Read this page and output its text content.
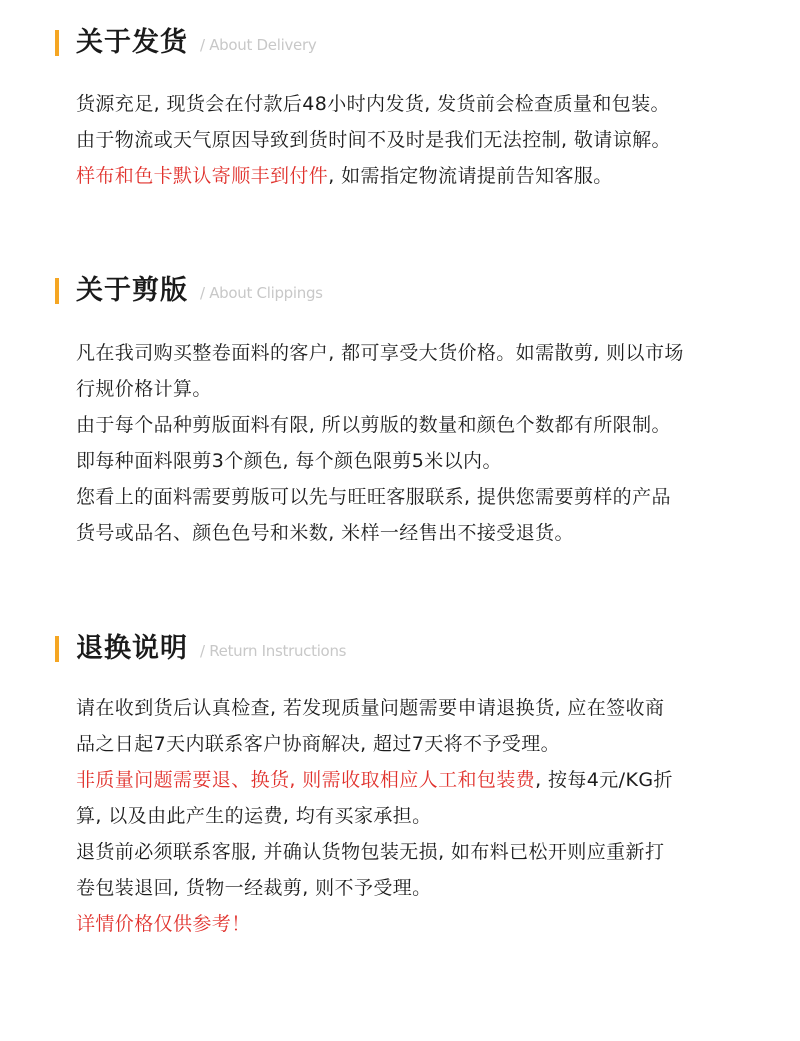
关于发货 / About Delivery
货源充足, 现货会在付款后48小时内发货, 发货前会检查质量和包装。
由于物流或天气原因导致到货时间不及时是我们无法控制, 敬请谅解。
样布和色卡默认寄顺丰到付件, 如需指定物流请提前告知客服。
关于剪版 / About Clippings
凡在我司购买整卷面料的客户, 都可享受大货价格。如需散剪, 则以市场
行规价格计算。
由于每个品种剪版面料有限, 所以剪版的数量和颜色个数都有所限制。
即每种面料限剪3个颜色, 每个颜色限剪5米以内。
您看上的面料需要剪版可以先与旺旺客服联系, 提供您需要剪样的产品
货号或品名、颜色色号和米数, 米样一经售出不接受退货。
退换说明 / Return Instructions
请在收到货后认真检查, 若发现质量问题需要申请退换货, 应在签收商
品之日起7天内联系客户协商解决, 超过7天将不予受理。
非质量问题需要退、换货, 则需收取相应人工和包装费, 按每4元/KG折
算, 以及由此产生的运费, 均有买家承担。
退货前必须联系客服, 并确认货物包装无损, 如布料已松开则应重新打
卷包装退回, 货物一经裁剪, 则不予受理。
详情价格仅供参考！
